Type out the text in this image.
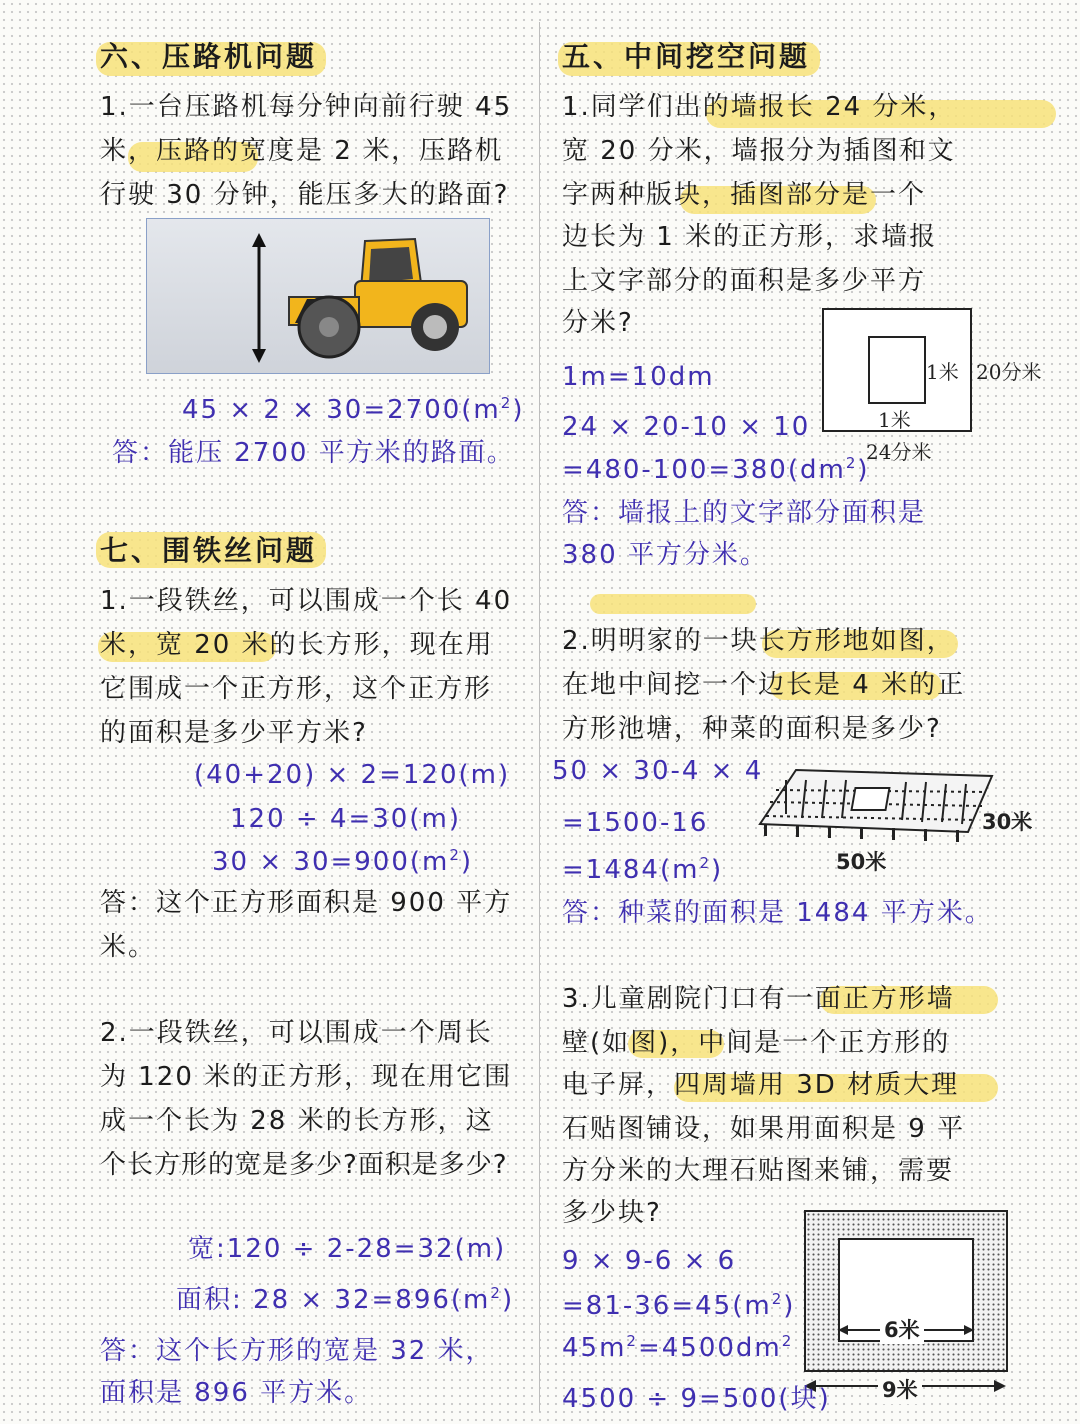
六、压路机问题
1.一台压路机每分钟向前行驶 45
米，压路的宽度是 2 米，压路机
行驶 30 分钟，能压多大的路面?
$45 \times 2 \times 30=2700(m^2)$
答：能压 2700 平方米的路面。
七、围铁丝问题
1.一段铁丝，可以围成一个长 40
米，宽 20 米的长方形，现在用
它围成一个正方形，这个正方形
的面积是多少平方米?
(40+20) × 2=120(m)
120 ÷ 4=30(m)
$30 \times 30=900(m^2)$
答：这个正方形面积是 900 平方
米。
2.一段铁丝，可以围成一个周长
为 120 米的正方形，现在用它围
成一个长为 28 米的长方形，这
个长方形的宽是多少?面积是多少?
宽:120 ÷ 2-28=32(m)
面积: $28 \times 32=896(m^2)$
答：这个长方形的宽是 32 米，
面积是 896 平方米。
五、中间挖空问题
1.同学们出的墙报长 24 分米，
宽 20 分米，墙报分为插图和文
字两种版块，插图部分是一个
边长为 1 米的正方形，求墙报
上文字部分的面积是多少平方
分米?
1米
1米
20分米
24分米
1m=10dm
24 × 20-10 × 10
$=480-100=380(dm^2)$
答：墙报上的文字部分面积是
380 平方分米。
2.明明家的一块长方形地如图，
在地中间挖一个边长是 4 米的正
方形池塘，种菜的面积是多少?
50 × 30-4 × 4
=1500-16
$=1484(m^2)$
30米
50米
答：种菜的面积是 1484 平方米。
3.儿童剧院门口有一面正方形墙
壁(如图)，中间是一个正方形的
电子屏，四周墙用 3D 材质大理
石贴图铺设，如果用面积是 9 平
方分米的大理石贴图来铺，需要
多少块?
6米
9米
9 × 9-6 × 6
$=81-36=45(m^2)$
$45m^2=4500dm^2$
4500 ÷ 9=500(块)
